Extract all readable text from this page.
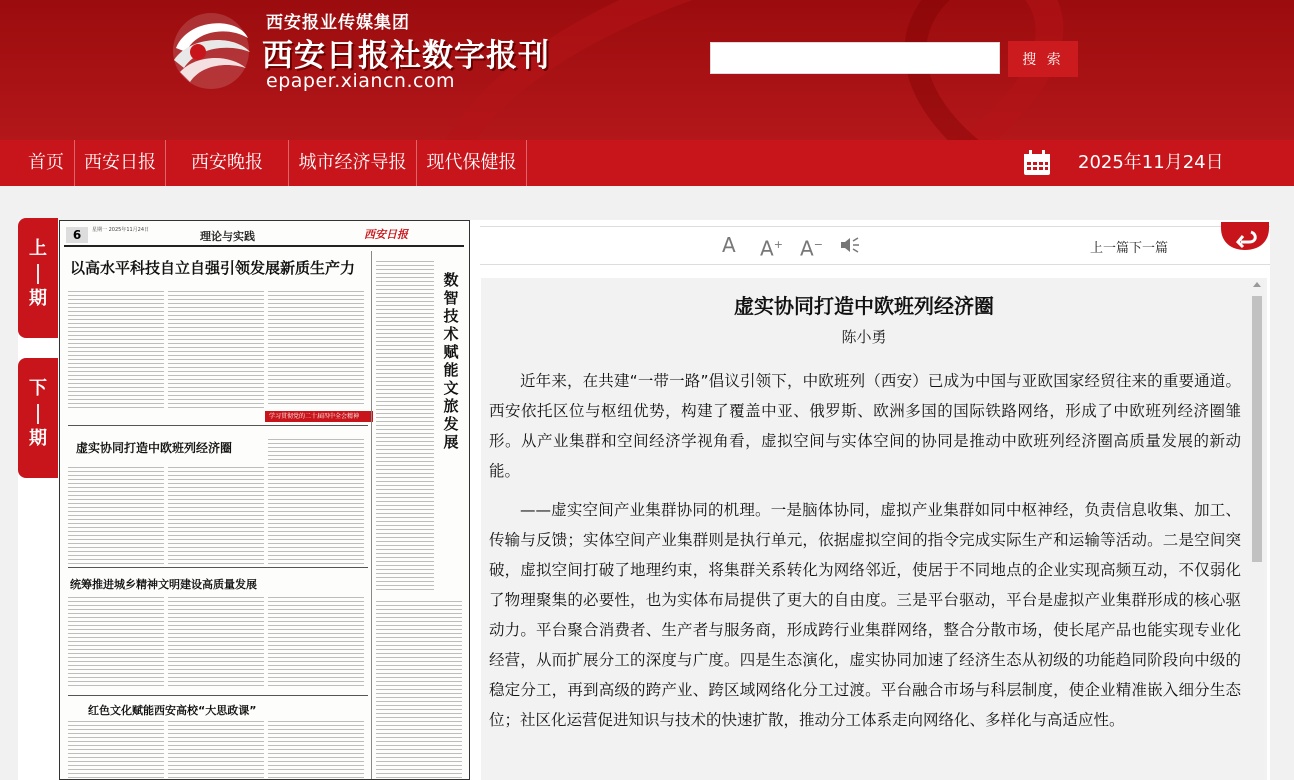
西安报业传媒集团
西安日报社数字报刊
epaper.xiancn.com
搜 索
首页	西安日报	西安晚报	城市经济导报	现代保健报	2025年11月24日
上
期
下
期
6	星期一 2025年11月24日	理论与实践	西安日报
以高水平科技自立自强引领发展新质生产力
学习贯彻党的二十届四中全会精神
虚实协同打造中欧班列经济圈
统筹推进城乡精神文明建设高质量发展
红色文化赋能西安高校“大思政课”
数智技术赋能文旅发展
A A+ A−	上一篇下一篇
虚实协同打造中欧班列经济圈
陈小勇

近年来，在共建“一带一路”倡议引领下，中欧班列（西安）已成为中国与亚欧国家经贸往来的重要通道。西安依托区位与枢纽优势，构建了覆盖中亚、俄罗斯、欧洲多国的国际铁路网络，形成了中欧班列经济圈雏形。从产业集群和空间经济学视角看，虚拟空间与实体空间的协同是推动中欧班列经济圈高质量发展的新动能。

——虚实空间产业集群协同的机理。一是脑体协同，虚拟产业集群如同中枢神经，负责信息收集、加工、传输与反馈；实体空间产业集群则是执行单元，依据虚拟空间的指令完成实际生产和运输等活动。二是空间突破，虚拟空间打破了地理约束，将集群关系转化为网络邻近，使居于不同地点的企业实现高频互动，不仅弱化了物理聚集的必要性，也为实体布局提供了更大的自由度。三是平台驱动，平台是虚拟产业集群形成的核心驱动力。平台聚合消费者、生产者与服务商，形成跨行业集群网络，整合分散市场，使长尾产品也能实现专业化经营，从而扩展分工的深度与广度。四是生态演化，虚实协同加速了经济生态从初级的功能趋同阶段向中级的稳定分工，再到高级的跨产业、跨区域网络化分工过渡。平台融合市场与科层制度，使企业精准嵌入细分生态位；社区化运营促进知识与技术的快速扩散，推动分工体系走向网络化、多样化与高适应性。
